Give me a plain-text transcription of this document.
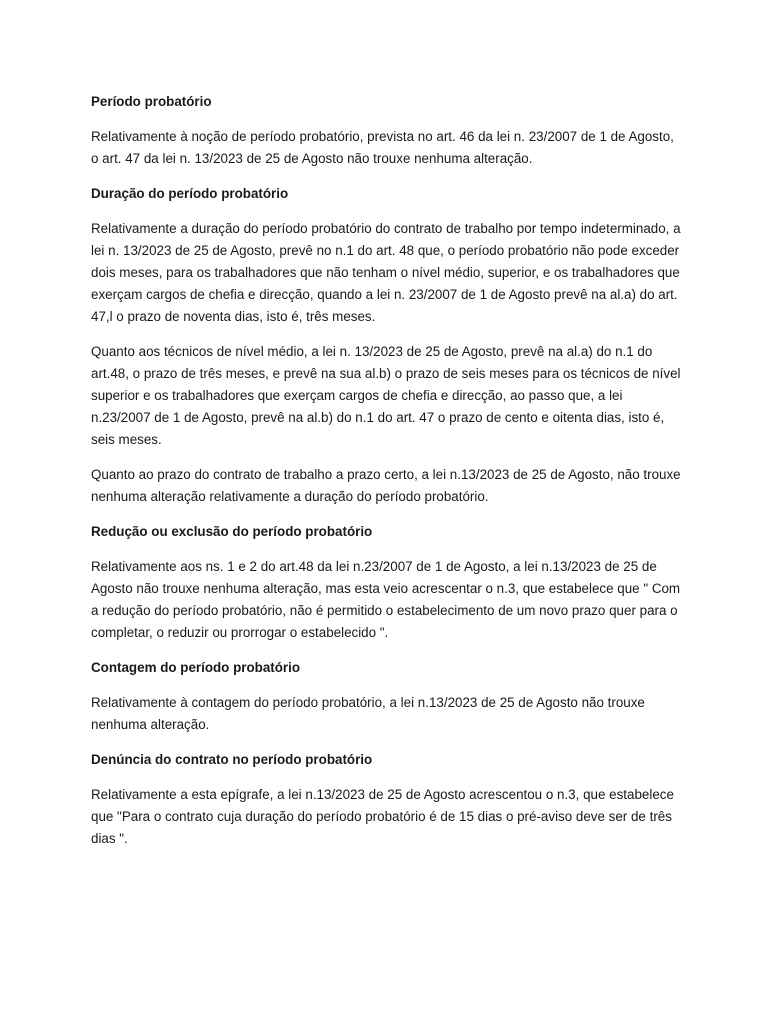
Período probatório
Relativamente à noção de período probatório, prevista no art. 46 da lei n. 23/2007 de 1 de Agosto, o art. 47 da lei n. 13/2023 de 25 de Agosto não trouxe nenhuma alteração.
Duração do período probatório
Relativamente a duração do período probatório do contrato de trabalho por tempo indeterminado, a lei n. 13/2023 de 25 de Agosto, prevê no n.1 do art. 48 que, o período probatório não pode exceder dois meses, para os trabalhadores que não tenham o nível médio, superior, e os trabalhadores que exerçam cargos de chefia e direcção, quando a lei n. 23/2007 de 1 de Agosto prevê na al.a) do art. 47,l o prazo de noventa dias, isto é, três meses.
Quanto aos técnicos de nível médio, a lei n. 13/2023 de 25 de Agosto, prevê na al.a) do n.1 do art.48, o prazo de três meses, e prevê na sua al.b) o prazo de seis meses para os técnicos de nível superior e os trabalhadores que exerçam cargos de chefia e direcção, ao passo que, a lei n.23/2007 de 1 de Agosto, prevê na al.b) do n.1 do art. 47 o prazo de cento e oitenta dias, isto é, seis meses.
Quanto ao prazo do contrato de trabalho a prazo certo, a lei n.13/2023 de 25 de Agosto, não trouxe nenhuma alteração relativamente a duração do período probatório.
Redução ou exclusão do período probatório
Relativamente aos ns. 1 e 2 do art.48 da lei n.23/2007 de 1 de Agosto, a lei n.13/2023 de 25 de Agosto não trouxe nenhuma alteração, mas esta veio acrescentar o n.3, que estabelece que " Com a redução do período probatório, não é permitido o estabelecimento de um novo prazo quer para o completar, o reduzir ou prorrogar o estabelecido ".
Contagem do período probatório
Relativamente à contagem do período probatório, a lei n.13/2023 de 25 de Agosto não trouxe nenhuma alteração.
Denúncia do contrato no período probatório
Relativamente a esta epígrafe, a lei n.13/2023 de 25 de Agosto acrescentou o n.3, que estabelece que "Para o contrato cuja duração do período probatório é de 15 dias o pré-aviso deve ser de três dias ".
